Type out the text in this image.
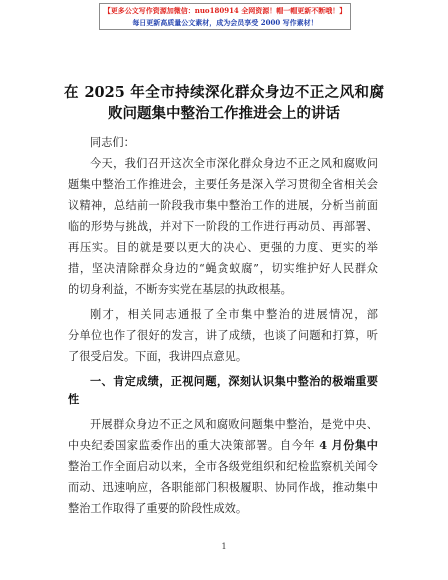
【更多公文写作资源加微信：nuo180914 全网资源！帽一帽更新不断哦！】
每日更新高质量公文素材，成为会员享受 2000 写作素材！
在 2025 年全市持续深化群众身边不正之风和腐
败问题集中整治工作推进会上的讲话
同志们：
今天，我们召开这次全市深化群众身边不正之风和腐败问
题集中整治工作推进会，主要任务是深入学习贯彻全省相关会
议精神，总结前一阶段我市集中整治工作的进展，分析当前面
临的形势与挑战，并对下一阶段的工作进行再动员、再部署、
再压实。目的就是要以更大的决心、更强的力度、更实的举
措，坚决清除群众身边的“蝇贪蚁腐”，切实维护好人民群众
的切身利益，不断夯实党在基层的执政根基。
刚才，相关同志通报了全市集中整治的进展情况，部
分单位也作了很好的发言，讲了成绩，也谈了问题和打算，听
了很受启发。下面，我讲四点意见。
一、肯定成绩，正视问题，深刻认识集中整治的极端重要
性
开展群众身边不正之风和腐败问题集中整治，是党中央、
中央纪委国家监委作出的重大决策部署。自今年 4 月份集中
整治工作全面启动以来，全市各级党组织和纪检监察机关闻令
而动、迅速响应，各职能部门积极履职、协同作战，推动集中
整治工作取得了重要的阶段性成效。
1
